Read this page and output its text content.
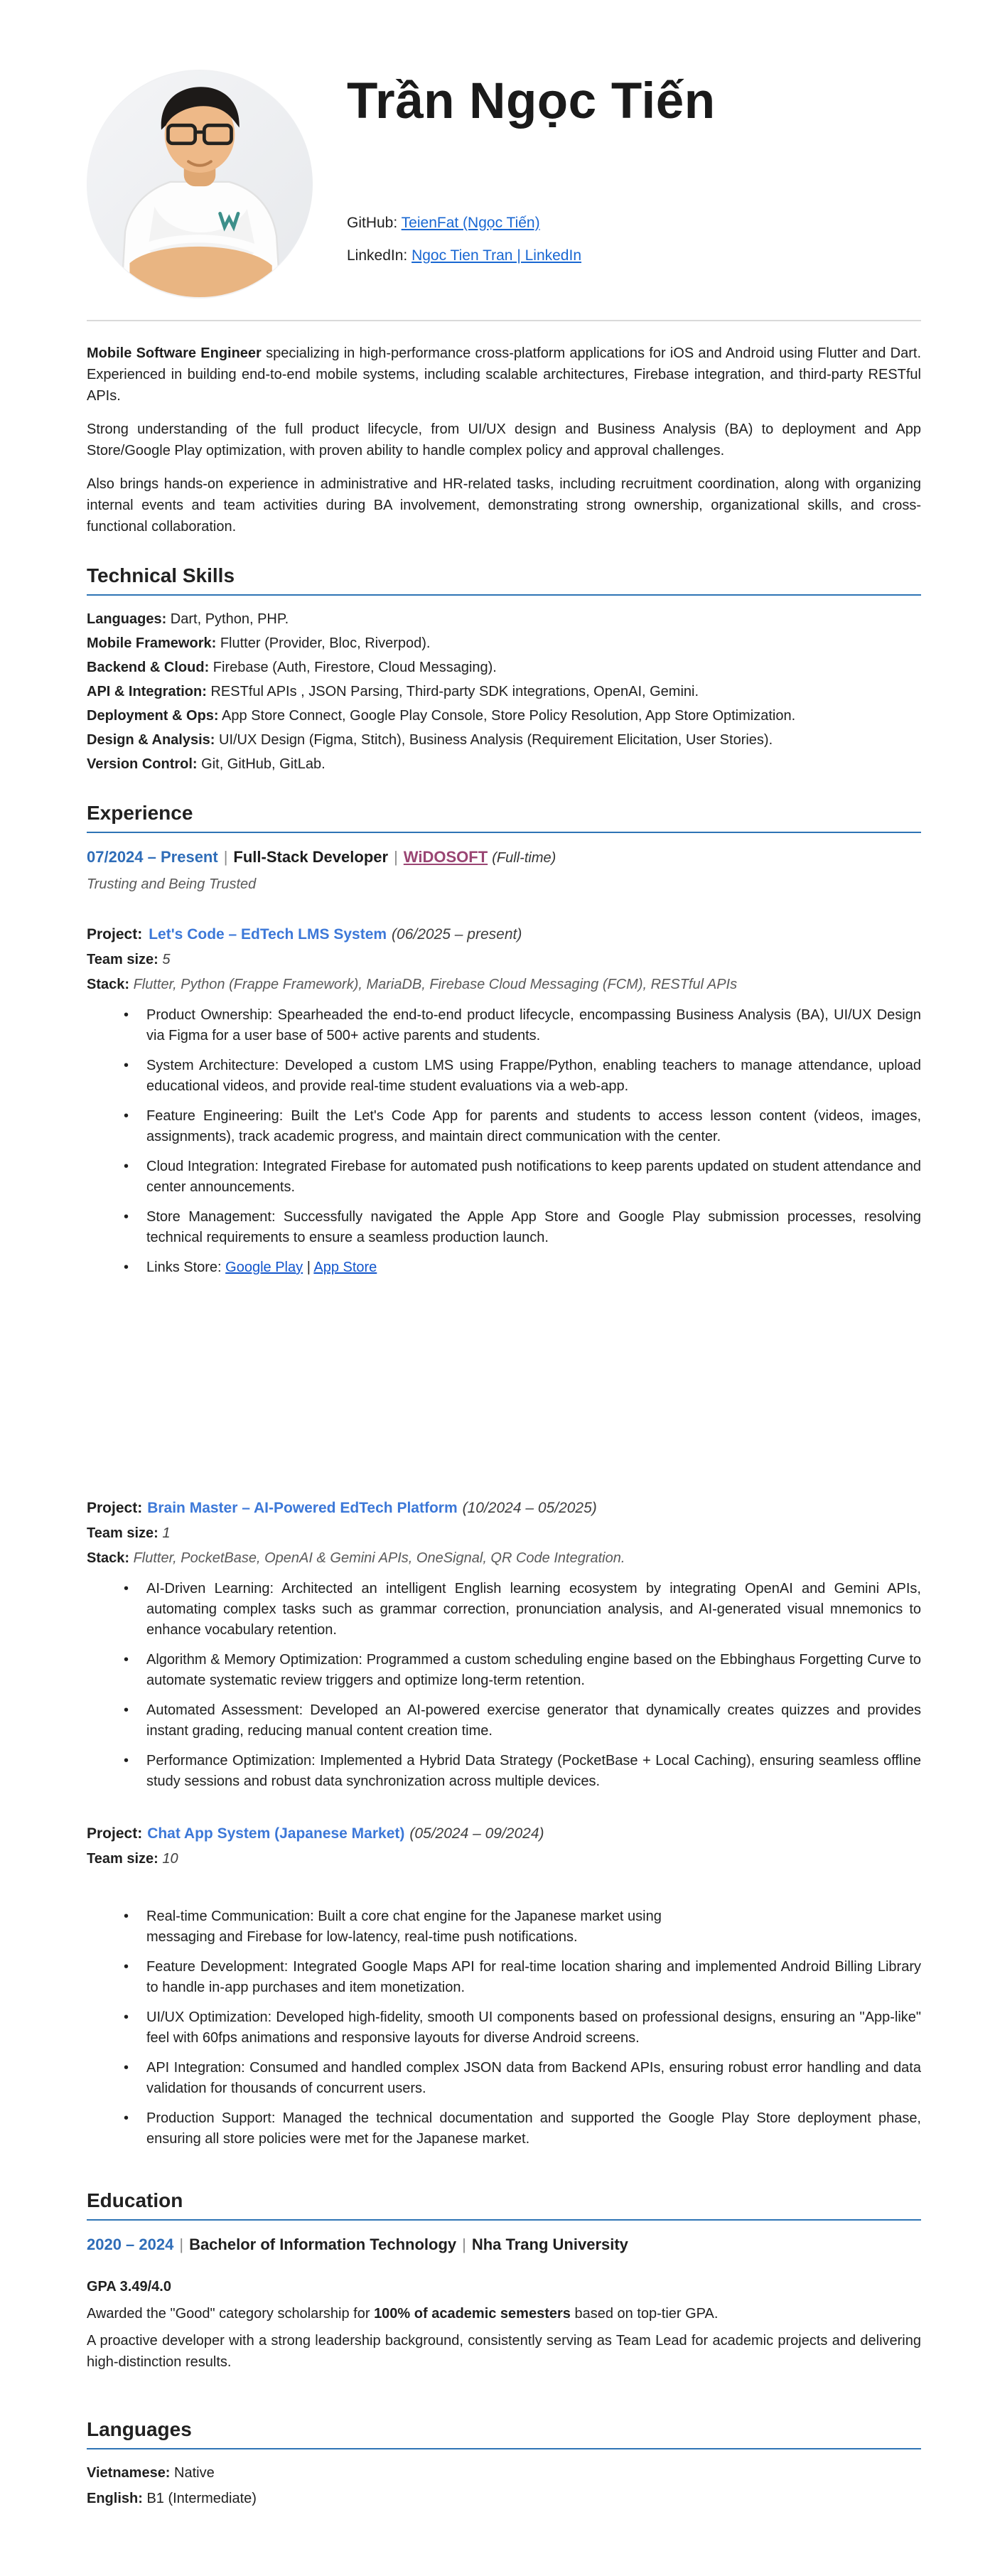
Trần Ngọc Tiến
GitHub: TeienFat (Ngọc Tiến)
LinkedIn: Ngoc Tien Tran | LinkedIn

Mobile Software Engineer specializing in high-performance cross-platform applications for iOS and Android using Flutter and Dart. Experienced in building end-to-end mobile systems, including scalable architectures, Firebase integration, and third-party RESTful APIs.

Strong understanding of the full product lifecycle, from UI/UX design and Business Analysis (BA) to deployment and App Store/Google Play optimization, with proven ability to handle complex policy and approval challenges.

Also brings hands-on experience in administrative and HR-related tasks, including recruitment coordination, along with organizing internal events and team activities during BA involvement, demonstrating strong ownership, organizational skills, and cross-functional collaboration.

Technical Skills
Languages: Dart, Python, PHP.
Mobile Framework: Flutter (Provider, Bloc, Riverpod).
Backend & Cloud: Firebase (Auth, Firestore, Cloud Messaging).
API & Integration: RESTful APIs , JSON Parsing, Third-party SDK integrations, OpenAI, Gemini.
Deployment & Ops: App Store Connect, Google Play Console, Store Policy Resolution, App Store Optimization.
Design & Analysis: UI/UX Design (Figma, Stitch), Business Analysis (Requirement Elicitation, User Stories).
Version Control: Git, GitHub, GitLab.
Experience
07/2024 – Present | Full-Stack Developer | WiDOSOFT (Full-time)
Trusting and Being Trusted
Project: Let's Code – EdTech LMS System (06/2025 – present)
Team size: 5
Stack: Flutter, Python (Frappe Framework), MariaDB, Firebase Cloud Messaging (FCM), RESTful APIs
• Product Ownership: Spearheaded the end-to-end product lifecycle, encompassing Business Analysis (BA), UI/UX Design via Figma for a user base of 500+ active parents and students.
• System Architecture: Developed a custom LMS using Frappe/Python, enabling teachers to manage attendance, upload educational videos, and provide real-time student evaluations via a web-app.
• Feature Engineering: Built the Let's Code App for parents and students to access lesson content (videos, images, assignments), track academic progress, and maintain direct communication with the center.
• Cloud Integration: Integrated Firebase for automated push notifications to keep parents updated on student attendance and center announcements.
• Store Management: Successfully navigated the Apple App Store and Google Play submission processes, resolving technical requirements to ensure a seamless production launch.
• Links Store: Google Play | App Store
Project: Brain Master – AI-Powered EdTech Platform (10/2024 – 05/2025)
Team size: 1
Stack: Flutter, PocketBase, OpenAI & Gemini APIs, OneSignal, QR Code Integration.
• AI-Driven Learning: Architected an intelligent English learning ecosystem by integrating OpenAI and Gemini APIs, automating complex tasks such as grammar correction, pronunciation analysis, and AI-generated visual mnemonics to enhance vocabulary retention.
• Algorithm & Memory Optimization: Programmed a custom scheduling engine based on the Ebbinghaus Forgetting Curve to automate systematic review triggers and optimize long-term retention.
• Automated Assessment: Developed an AI-powered exercise generator that dynamically creates quizzes and provides instant grading, reducing manual content creation time.
• Performance Optimization: Implemented a Hybrid Data Strategy (PocketBase + Local Caching), ensuring seamless offline study sessions and robust data synchronization across multiple devices.
Project: Chat App System (Japanese Market) (05/2024 – 09/2024)
Team size: 10
• Real-time Communication: Built a core chat engine for the Japanese market using
messaging and Firebase for low-latency, real-time push notifications.
• Feature Development: Integrated Google Maps API for real-time location sharing and implemented Android Billing Library to handle in-app purchases and item monetization.
• UI/UX Optimization: Developed high-fidelity, smooth UI components based on professional designs, ensuring an "App-like" feel with 60fps animations and responsive layouts for diverse Android screens.
• API Integration: Consumed and handled complex JSON data from Backend APIs, ensuring robust error handling and data validation for thousands of concurrent users.
• Production Support: Managed the technical documentation and supported the Google Play Store deployment phase, ensuring all store policies were met for the Japanese market.
Education
2020 – 2024 | Bachelor of Information Technology | Nha Trang University
GPA 3.49/4.0

Awarded the "Good" category scholarship for 100% of academic semesters based on top-tier GPA.

A proactive developer with a strong leadership background, consistently serving as Team Lead for academic projects and delivering high-distinction results.

Languages
Vietnamese: Native
English: B1 (Intermediate)
